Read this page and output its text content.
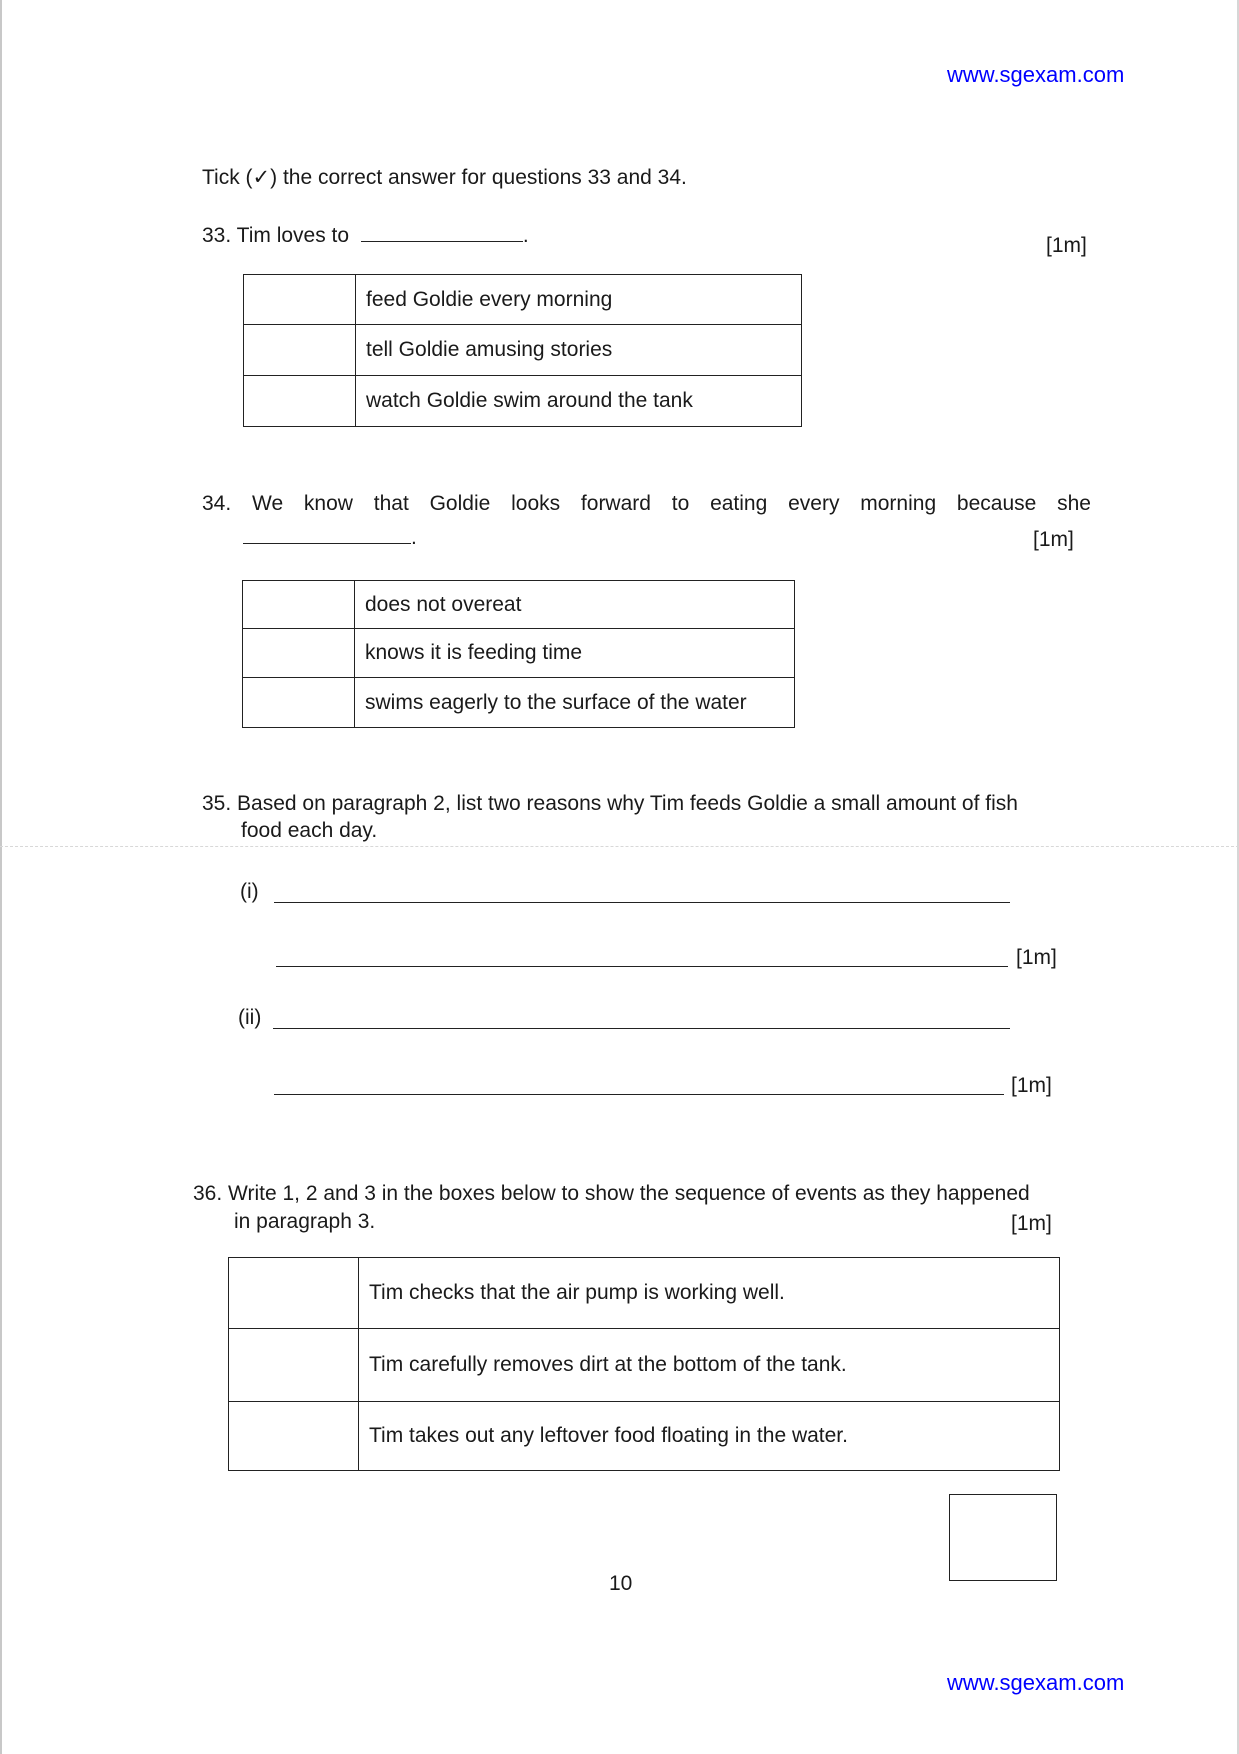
www.sgexam.com
Tick (✓) the correct answer for questions 33 and 34.
33. Tim loves to	.	[1m]
	feed Goldie every morning
	tell Goldie amusing stories
	watch Goldie swim around the tank
34. We know that Goldie looks forward to eating every morning because she
.	[1m]
	does not overeat
	knows it is feeding time
	swims eagerly to the surface of the water
35. Based on paragraph 2, list two reasons why Tim feeds Goldie a small amount of fish
food each day.
(i)
[1m]
(ii)
[1m]
36. Write 1, 2 and 3 in the boxes below to show the sequence of events as they happened
in paragraph 3.	[1m]
	Tim checks that the air pump is working well.
	Tim carefully removes dirt at the bottom of the tank.
	Tim takes out any leftover food floating in the water.
10
www.sgexam.com
